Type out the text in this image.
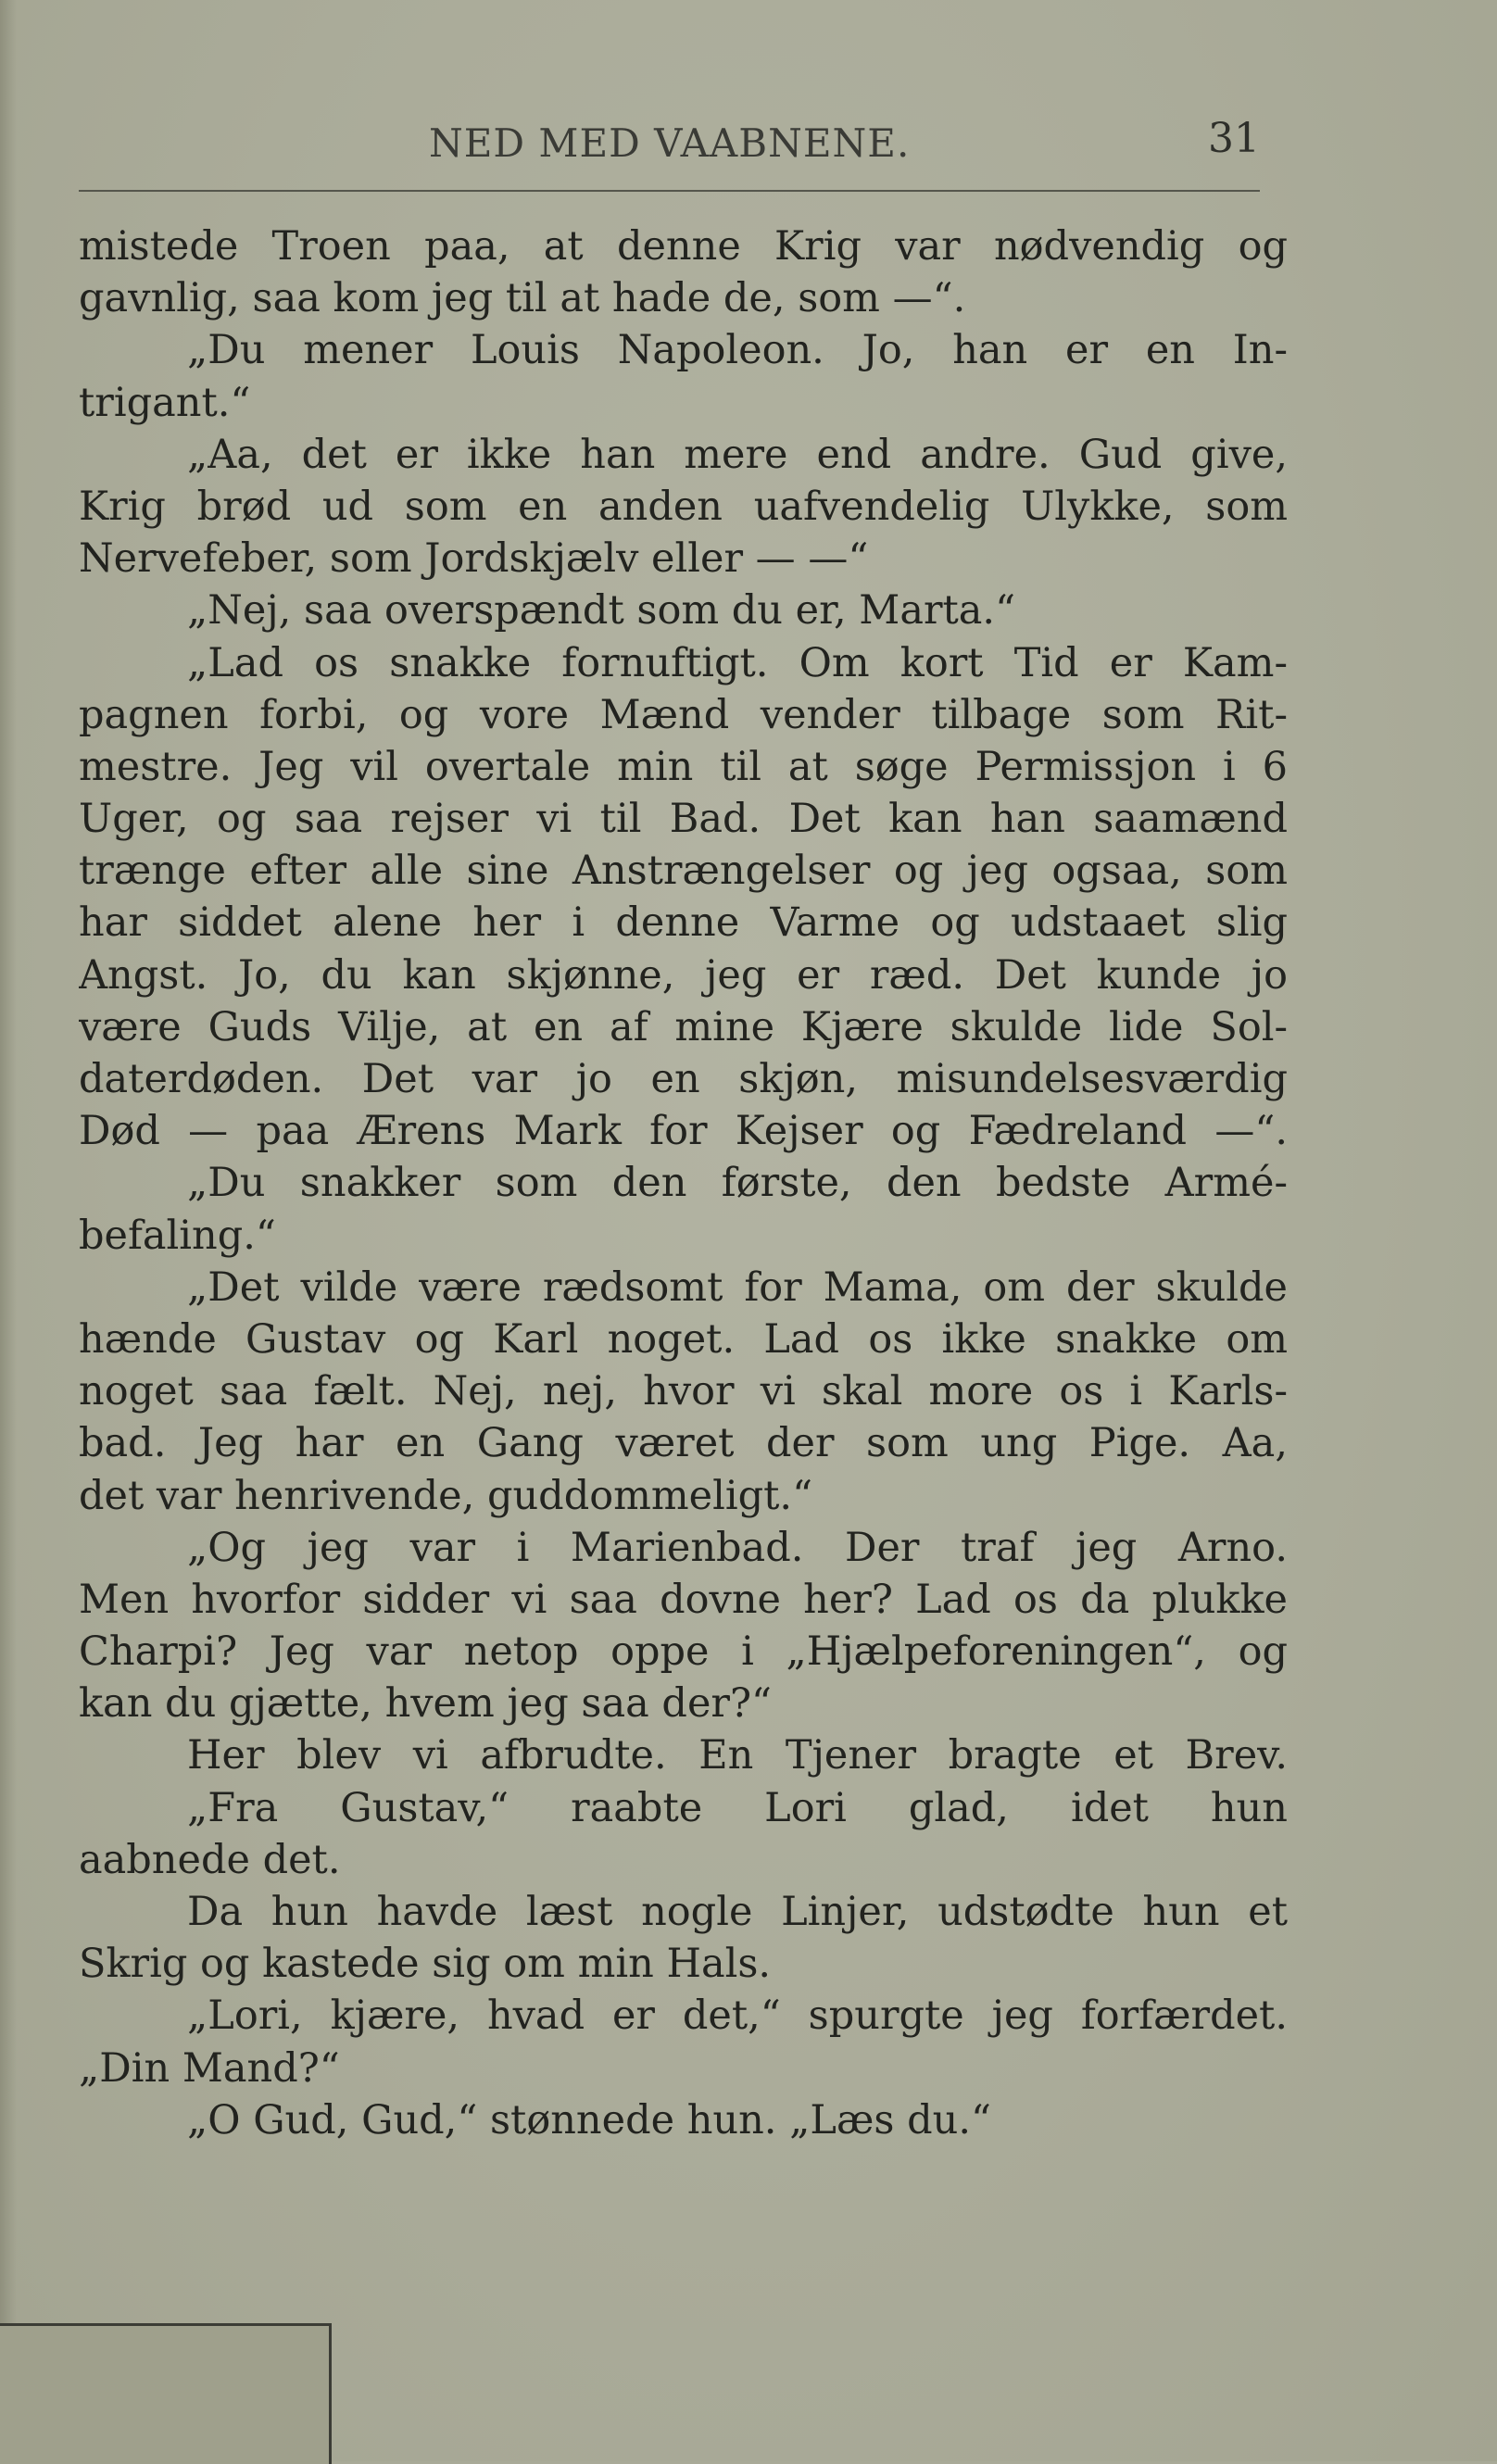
NED MED VAABNENE.	31
mistede Troen paa, at denne Krig var nødvendig og
gavnlig, saa kom jeg til at hade de, som —“.
„Du mener Louis Napoleon. Jo, han er en In-
trigant.“
„Aa, det er ikke han mere end andre. Gud give,
Krig brød ud som en anden uafvendelig Ulykke, som
Nervefeber, som Jordskjælv eller — —“
„Nej, saa overspændt som du er, Marta.“
„Lad os snakke fornuftigt. Om kort Tid er Kam-
pagnen forbi, og vore Mænd vender tilbage som Rit-
mestre. Jeg vil overtale min til at søge Permissjon i 6
Uger, og saa rejser vi til Bad. Det kan han saamænd
trænge efter alle sine Anstrængelser og jeg ogsaa, som
har siddet alene her i denne Varme og udstaaet slig
Angst. Jo, du kan skjønne, jeg er ræd. Det kunde jo
være Guds Vilje, at en af mine Kjære skulde lide Sol-
daterdøden. Det var jo en skjøn, misundelsesværdig
Død — paa Ærens Mark for Kejser og Fædreland —“.
„Du snakker som den første, den bedste Armé-
befaling.“
„Det vilde være rædsomt for Mama, om der skulde
hænde Gustav og Karl noget. Lad os ikke snakke om
noget saa fælt. Nej, nej, hvor vi skal more os i Karls-
bad. Jeg har en Gang været der som ung Pige. Aa,
det var henrivende, guddommeligt.“
„Og jeg var i Marienbad. Der traf jeg Arno.
Men hvorfor sidder vi saa dovne her? Lad os da plukke
Charpi? Jeg var netop oppe i „Hjælpeforeningen“, og
kan du gjætte, hvem jeg saa der?“
Her blev vi afbrudte. En Tjener bragte et Brev.
„Fra Gustav,“ raabte Lori glad, idet hun
aabnede det.
Da hun havde læst nogle Linjer, udstødte hun et
Skrig og kastede sig om min Hals.
„Lori, kjære, hvad er det,“ spurgte jeg forfærdet.
„Din Mand?“
„O Gud, Gud,“ stønnede hun. „Læs du.“
